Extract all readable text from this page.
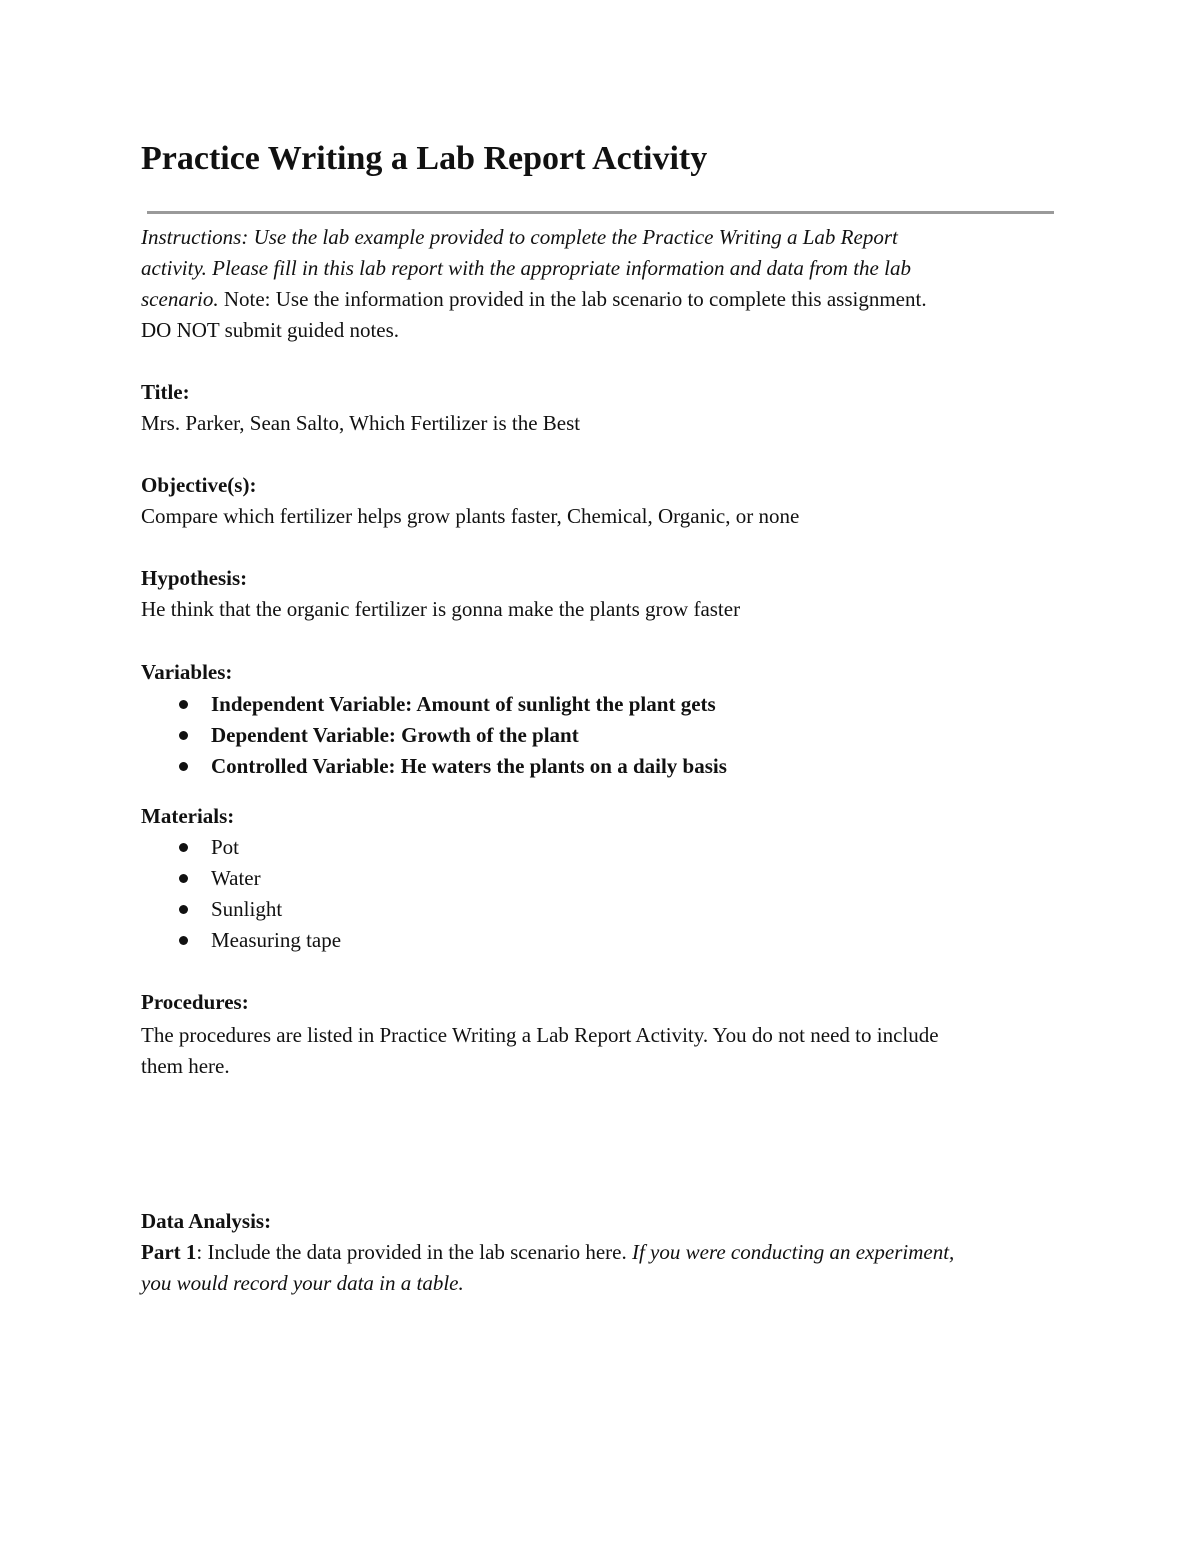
Practice Writing a Lab Report Activity
Instructions: Use the lab example provided to complete the Practice Writing a Lab Report
activity. Please fill in this lab report with the appropriate information and data from the lab
scenario. Note: Use the information provided in the lab scenario to complete this assignment.
DO NOT submit guided notes.
Title:
Mrs. Parker, Sean Salto, Which Fertilizer is the Best
Objective(s):
Compare which fertilizer helps grow plants faster, Chemical, Organic, or none
Hypothesis:
He think that the organic fertilizer is gonna make the plants grow faster
Variables:
Independent Variable: Amount of sunlight the plant gets
Dependent Variable: Growth of the plant
Controlled Variable: He waters the plants on a daily basis
Materials:
Pot
Water
Sunlight
Measuring tape
Procedures:
The procedures are listed in Practice Writing a Lab Report Activity. You do not need to include
them here.
Data Analysis:
Part 1: Include the data provided in the lab scenario here. If you were conducting an experiment,
you would record your data in a table.
